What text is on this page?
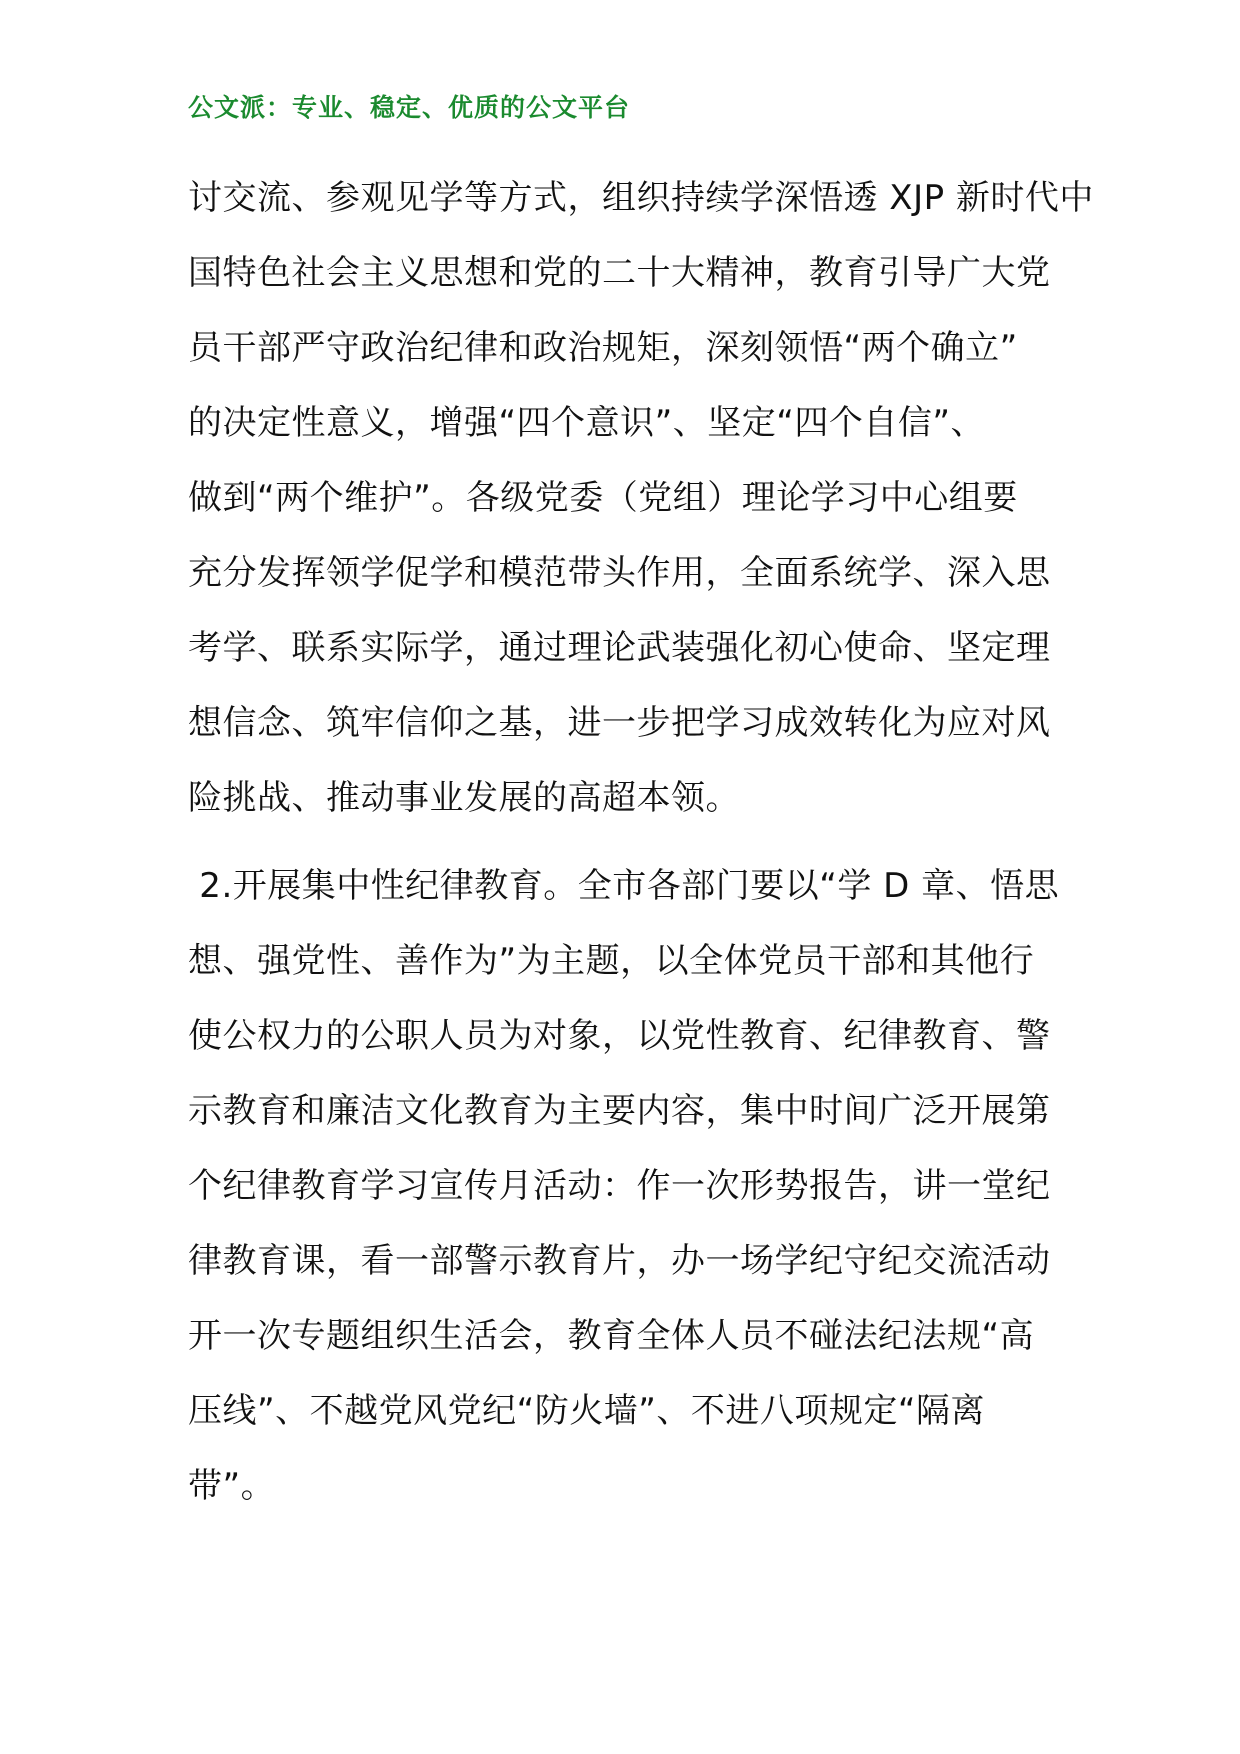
公文派：专业、稳定、优质的公文平台
讨交流、参观见学等方式，组织持续学深悟透 XJP 新时代中
国特色社会主义思想和党的二十大精神，教育引导广大党
员干部严守政治纪律和政治规矩，深刻领悟“两个确立”
的决定性意义，增强“四个意识”、坚定“四个自信”、
做到“两个维护”。各级党委（党组）理论学习中心组要
充分发挥领学促学和模范带头作用，全面系统学、深入思
考学、联系实际学，通过理论武装强化初心使命、坚定理
想信念、筑牢信仰之基，进一步把学习成效转化为应对风
险挑战、推动事业发展的高超本领。
2.开展集中性纪律教育。全市各部门要以“学 D 章、悟思
想、强党性、善作为”为主题，以全体党员干部和其他行
使公权力的公职人员为对象，以党性教育、纪律教育、警
示教育和廉洁文化教育为主要内容，集中时间广泛开展第
个纪律教育学习宣传月活动：作一次形势报告，讲一堂纪
律教育课，看一部警示教育片，办一场学纪守纪交流活动
开一次专题组织生活会，教育全体人员不碰法纪法规“高
压线”、不越党风党纪“防火墙”、不进八项规定“隔离
带”。
